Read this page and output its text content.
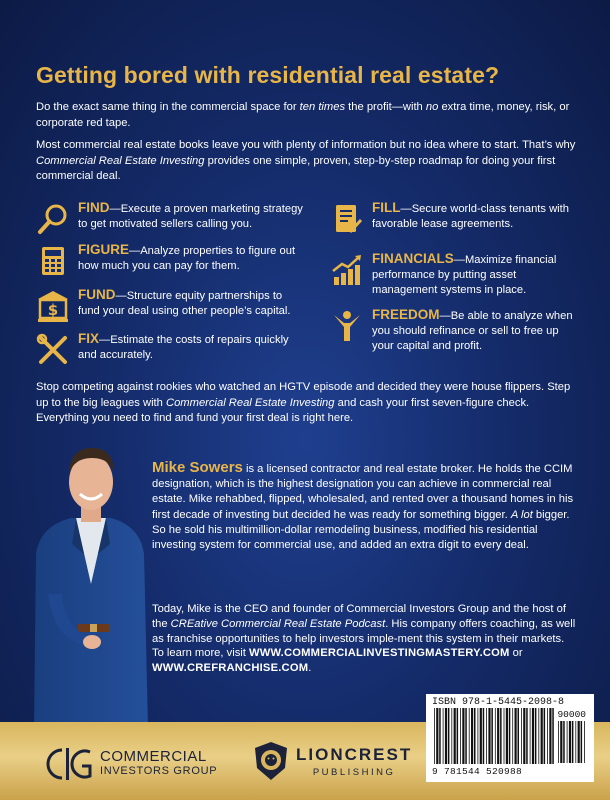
Getting bored with residential real estate?
Do the exact same thing in the commercial space for ten times the profit—with no extra time, money, risk, or corporate red tape.
Most commercial real estate books leave you with plenty of information but no idea where to start. That’s why Commercial Real Estate Investing provides one simple, proven, step-by-step roadmap for doing your first commercial deal.
FIND—Execute a proven marketing strategy to get motivated sellers calling you.
FIGURE—Analyze properties to figure out how much you can pay for them.
$
FUND—Structure equity partnerships to fund your deal using other people’s capital.
FIX—Estimate the costs of repairs quickly and accurately.
FILL—Secure world-class tenants with favorable lease agreements.
FINANCIALS—Maximize financial performance by putting asset management systems in place.
FREEDOM—Be able to analyze when you should refinance or sell to free up your capital and profit.
Stop competing against rookies who watched an HGTV episode and decided they were house flippers. Step up to the big leagues with Commercial Real Estate Investing and cash your first seven-figure check. Everything you need to find and fund your first deal is right here.
Mike Sowers is a licensed contractor and real estate broker. He holds the CCIM designation, which is the highest designation you can achieve in commercial real estate. Mike rehabbed, flipped, wholesaled, and rented over a thousand homes in his first decade of investing but decided he was ready for something bigger. A lot bigger. So he sold his multimillion-dollar remodeling business, modified his residential investing system for commercial use, and added an extra digit to every deal.
Today, Mike is the CEO and founder of Commercial Investors Group and the host of the CREative Commercial Real Estate Podcast. His company offers coaching, as well as franchise opportunities to help investors imple-ment this system in their markets.
To learn more, visit WWW.COMMERCIALINVESTINGMASTERY.COM or WWW.CREFRANCHISE.COM.
COMMERCIAL
INVESTORS GROUP
LIONCREST
PUBLISHING
ISBN 978-1-5445-2098-8
90000
9 781544 520988
